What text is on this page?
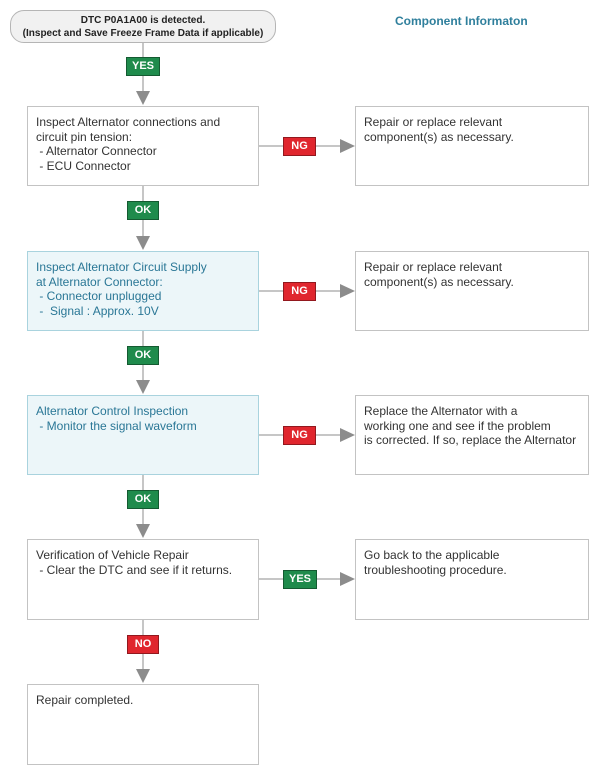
DTC P0A1A00 is detected.
(Inspect and Save Freeze Frame Data if applicable)
Component Informaton
Inspect Alternator connections and
circuit pin tension:
- Alternator Connector
- ECU Connector
Inspect Alternator Circuit Supply
at Alternator Connector:
- Connector unplugged
-  Signal : Approx. 10V
Alternator Control Inspection
- Monitor the signal waveform
Verification of Vehicle Repair
- Clear the DTC and see if it returns.
Repair completed.
Repair or replace relevant
component(s) as necessary.
Repair or replace relevant
component(s) as necessary.
Replace the Alternator with a
working one and see if the problem
is corrected. If so, replace the Alternator
Go back to the applicable
troubleshooting procedure.
YES
OK
OK
OK
NO
NG
NG
NG
YES
